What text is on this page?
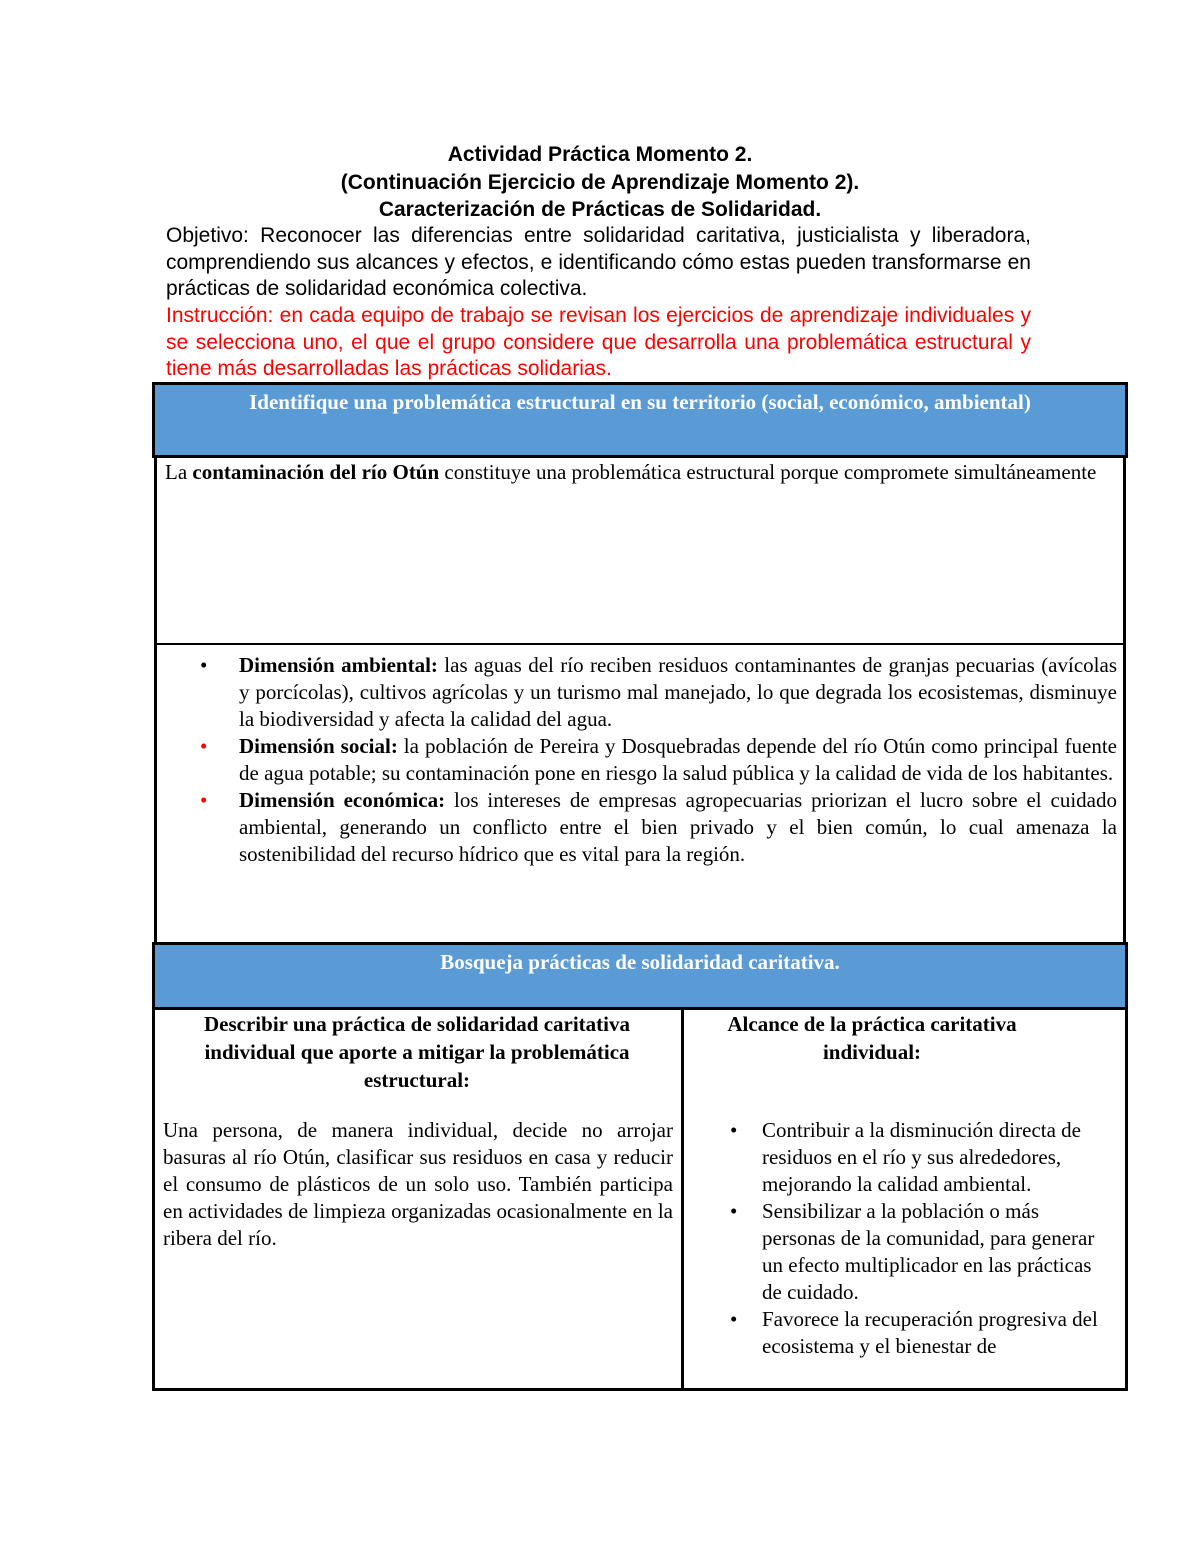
Actividad Práctica Momento 2.
(Continuación Ejercicio de Aprendizaje Momento 2).
Caracterización de Prácticas de Solidaridad.
Objetivo: Reconocer las diferencias entre solidaridad caritativa, justicialista y liberadora, comprendiendo sus alcances y efectos, e identificando cómo estas pueden transformarse en prácticas de solidaridad económica colectiva.
Instrucción: en cada equipo de trabajo se revisan los ejercicios de aprendizaje individuales y se selecciona uno, el que el grupo considere que desarrolla una problemática estructural y tiene más desarrolladas las prácticas solidarias.
Identifique una problemática estructural en su territorio (social, económico, ambiental)
La contaminación del río Otún constituye una problemática estructural porque compromete simultáneamente
• Dimensión ambiental: las aguas del río reciben residuos contaminantes de granjas pecuarias (avícolas y porcícolas), cultivos agrícolas y un turismo mal manejado, lo que degrada los ecosistemas, disminuye la biodiversidad y afecta la calidad del agua.
• Dimensión social: la población de Pereira y Dosquebradas depende del río Otún como principal fuente de agua potable; su contaminación pone en riesgo la salud pública y la calidad de vida de los habitantes.
• Dimensión económica: los intereses de empresas agropecuarias priorizan el lucro sobre el cuidado ambiental, generando un conflicto entre el bien privado y el bien común, lo cual amenaza la sostenibilidad del recurso hídrico que es vital para la región.
Bosqueja prácticas de solidaridad caritativa.
Describir una práctica de solidaridad caritativa individual que aporte a mitigar la problemática estructural:
Una persona, de manera individual, decide no arrojar basuras al río Otún, clasificar sus residuos en casa y reducir el consumo de plásticos de un solo uso. También participa en actividades de limpieza organizadas ocasionalmente en la ribera del río.
Alcance de la práctica caritativa individual:
• Contribuir a la disminución directa de residuos en el río y sus alrededores, mejorando la calidad ambiental.
• Sensibilizar a la población o más personas de la comunidad, para generar un efecto multiplicador en las prácticas de cuidado.
• Favorece la recuperación progresiva del ecosistema y el bienestar de
